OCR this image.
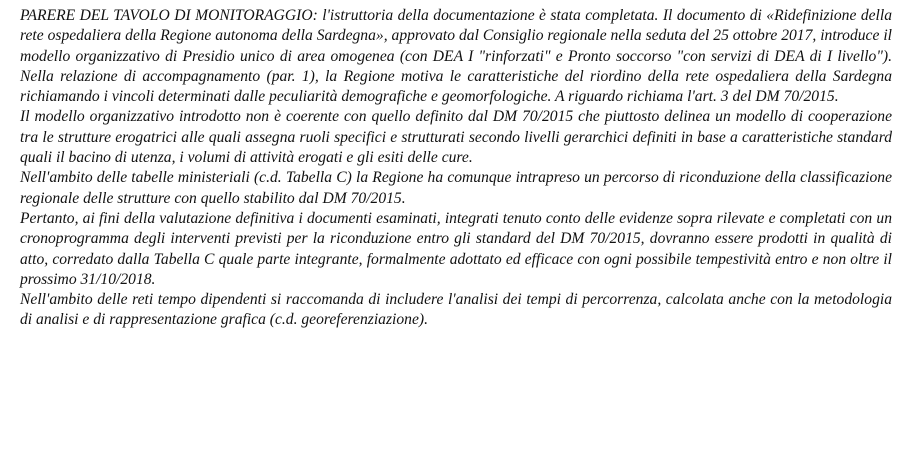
PARERE DEL TAVOLO DI MONITORAGGIO: l'istruttoria della documentazione è stata completata. Il documento di «Ridefinizione della rete ospedaliera della Regione autonoma della Sardegna», approvato dal Consiglio regionale nella seduta del 25 ottobre 2017, introduce il modello organizzativo di Presidio unico di area omogenea (con DEA I "rinforzati" e Pronto soccorso "con servizi di DEA di I livello"). Nella relazione di accompagnamento (par. 1), la Regione motiva le caratteristiche del riordino della rete ospedaliera della Sardegna richiamando i vincoli determinati dalle peculiarità demografiche e geomorfologiche. A riguardo richiama l'art. 3 del DM 70/2015.

Il modello organizzativo introdotto non è coerente con quello definito dal DM 70/2015 che piuttosto delinea un modello di cooperazione tra le strutture erogatrici alle quali assegna ruoli specifici e strutturati secondo livelli gerarchici definiti in base a caratteristiche standard quali il bacino di utenza, i volumi di attività erogati e gli esiti delle cure.

Nell'ambito delle tabelle ministeriali (c.d. Tabella C) la Regione ha comunque intrapreso un percorso di riconduzione della classificazione regionale delle strutture con quello stabilito dal DM 70/2015.

Pertanto, ai fini della valutazione definitiva i documenti esaminati, integrati tenuto conto delle evidenze sopra rilevate e completati con un cronoprogramma degli interventi previsti per la riconduzione entro gli standard del DM 70/2015, dovranno essere prodotti in qualità di atto, corredato dalla Tabella C quale parte integrante, formalmente adottato ed efficace con ogni possibile tempestività entro e non oltre il prossimo 31/10/2018.

Nell'ambito delle reti tempo dipendenti si raccomanda di includere l'analisi dei tempi di percorrenza, calcolata anche con la metodologia di analisi e di rappresentazione grafica (c.d. georeferenziazione).
